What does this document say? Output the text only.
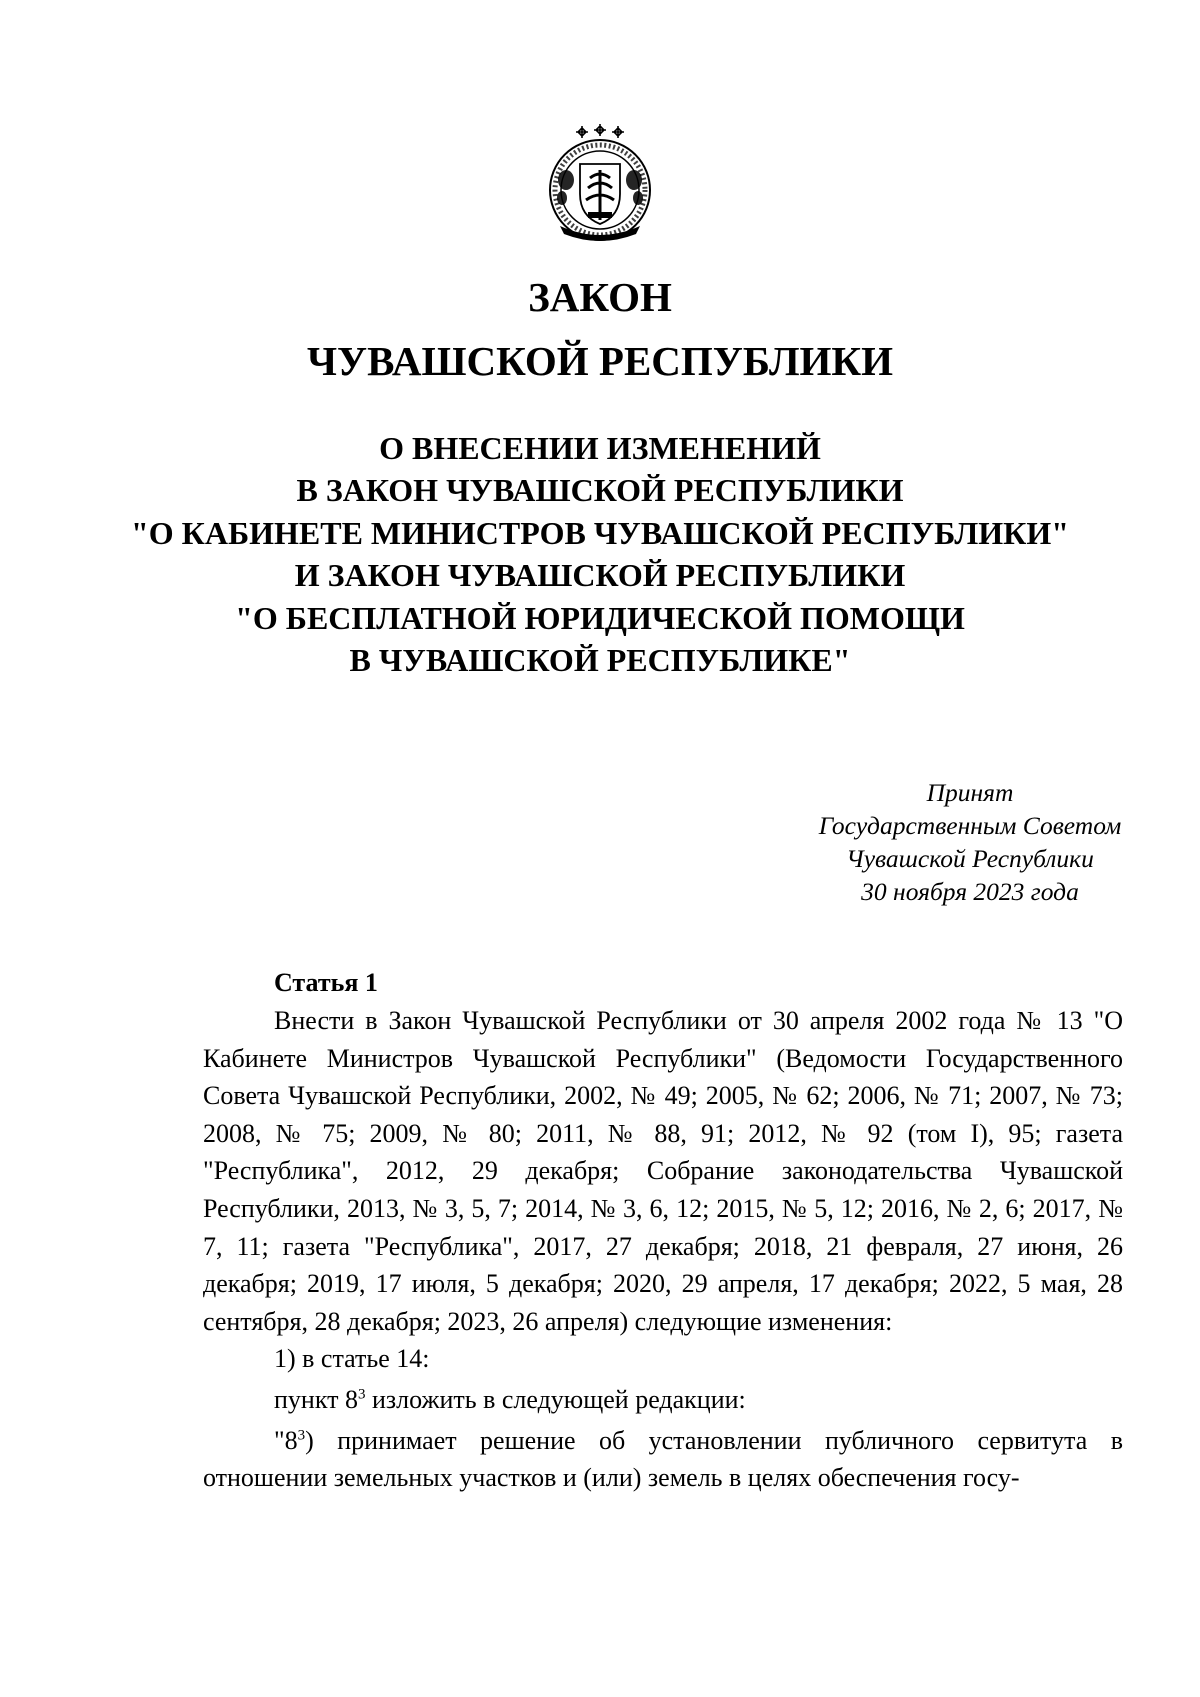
ЗАКОН
ЧУВАШСКОЙ РЕСПУБЛИКИ
О ВНЕСЕНИИ ИЗМЕНЕНИЙ
В ЗАКОН ЧУВАШСКОЙ РЕСПУБЛИКИ
"О КАБИНЕТЕ МИНИСТРОВ ЧУВАШСКОЙ РЕСПУБЛИКИ"
И ЗАКОН ЧУВАШСКОЙ РЕСПУБЛИКИ
"О БЕСПЛАТНОЙ ЮРИДИЧЕСКОЙ ПОМОЩИ
В ЧУВАШСКОЙ РЕСПУБЛИКЕ"
Принят
Государственным Советом
Чувашской Республики
30 ноября 2023 года
Статья 1

Внести в Закон Чувашской Республики от 30 апреля 2002 года № 13 "О Кабинете Министров Чувашской Республики" (Ведомости Государственного Совета Чувашской Республики, 2002, № 49; 2005, № 62; 2006, № 71; 2007, № 73; 2008, № 75; 2009, № 80; 2011, № 88, 91; 2012, № 92 (том I), 95; газета "Республика", 2012, 29 декабря; Собрание законодательства Чувашской Республики, 2013, № 3, 5, 7; 2014, № 3, 6, 12; 2015, № 5, 12; 2016, № 2, 6; 2017, № 7, 11; газета "Республика", 2017, 27 декабря; 2018, 21 февраля, 27 июня, 26 декабря; 2019, 17 июля, 5 декабря; 2020, 29 апреля, 17 декабря; 2022, 5 мая, 28 сентября, 28 декабря; 2023, 26 апреля) следующие изменения:

1) в статье 14:

пункт $8^3$ изложить в следующей редакции:

"$8^3$) принимает решение об установлении публичного сервитута в отношении земельных участков и (или) земель в целях обеспечения госу-
